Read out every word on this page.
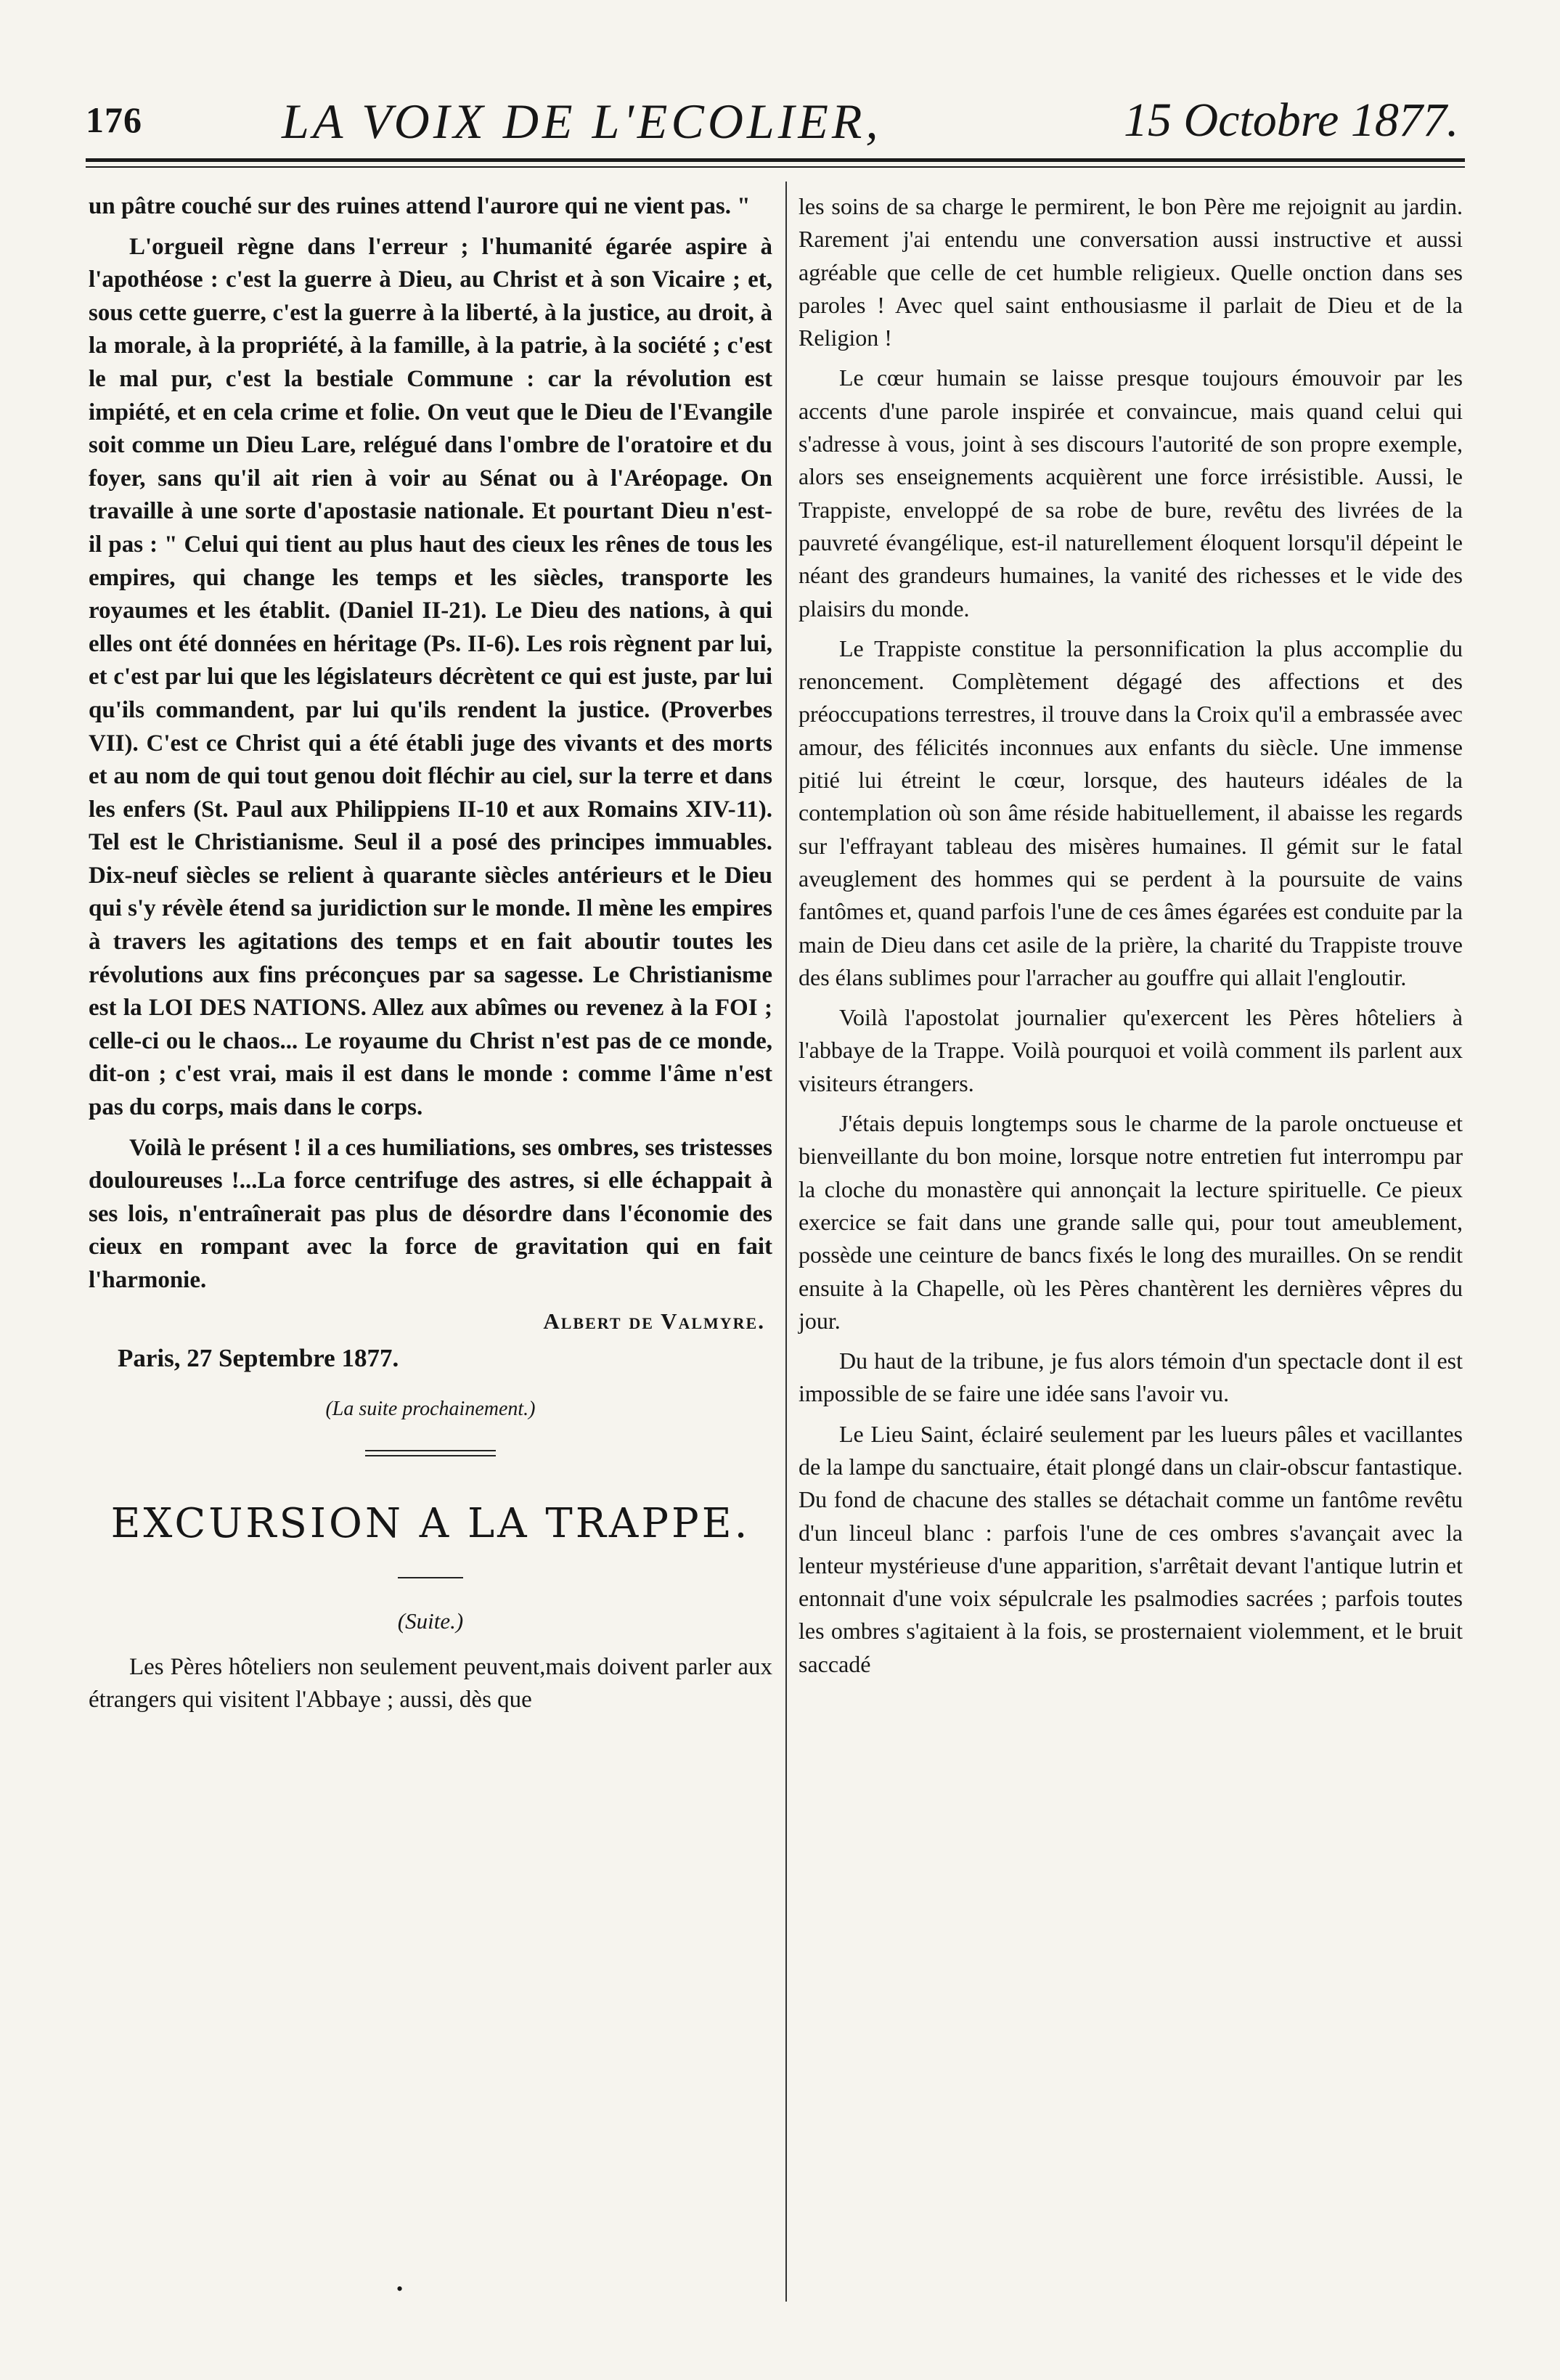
176	LA VOIX DE L'ECOLIER,	15 Octobre 1877.

un pâtre couché sur des ruines attend l'aurore qui ne vient pas. "

L'orgueil règne dans l'erreur ; l'humanité égarée aspire à l'apothéose : c'est la guerre à Dieu, au Christ et à son Vicaire ; et, sous cette guerre, c'est la guerre à la liberté, à la justice, au droit, à la morale, à la propriété, à la famille, à la patrie, à la société ; c'est le mal pur, c'est la bestiale Commune : car la révolution est impiété, et en cela crime et folie. On veut que le Dieu de l'Evangile soit comme un Dieu Lare, relégué dans l'ombre de l'oratoire et du foyer, sans qu'il ait rien à voir au Sénat ou à l'Aréopage. On travaille à une sorte d'apostasie nationale. Et pourtant Dieu n'est-il pas : " Celui qui tient au plus haut des cieux les rênes de tous les empires, qui change les temps et les siècles, transporte les royaumes et les établit. (Daniel II-21). Le Dieu des nations, à qui elles ont été données en héritage (Ps. II-6). Les rois règnent par lui, et c'est par lui que les législateurs décrètent ce qui est juste, par lui qu'ils commandent, par lui qu'ils rendent la justice. (Proverbes VII). C'est ce Christ qui a été établi juge des vivants et des morts et au nom de qui tout genou doit fléchir au ciel, sur la terre et dans les enfers (St. Paul aux Philippiens II-10 et aux Romains XIV-11). Tel est le Christianisme. Seul il a posé des principes immuables. Dix-neuf siècles se relient à quarante siècles antérieurs et le Dieu qui s'y révèle étend sa juridiction sur le monde. Il mène les empires à travers les agitations des temps et en fait aboutir toutes les révolutions aux fins préconçues par sa sagesse. Le Christianisme est la LOI DES NATIONS. Allez aux abîmes ou revenez à la FOI ; celle-ci ou le chaos... Le royaume du Christ n'est pas de ce monde, dit-on ; c'est vrai, mais il est dans le monde : comme l'âme n'est pas du corps, mais dans le corps.

Voilà le présent ! il a ces humiliations, ses ombres, ses tristesses douloureuses !...La force centrifuge des astres, si elle échappait à ses lois, n'entraînerait pas plus de désordre dans l'économie des cieux en rompant avec la force de gravitation qui en fait l'harmonie.

Albert de Valmyre.
Paris, 27 Septembre 1877.
(La suite prochainement.)
EXCURSION A LA TRAPPE.
(Suite.)

Les Pères hôteliers non seulement peuvent,mais doivent parler aux étrangers qui visitent l'Abbaye ; aussi, dès que

les soins de sa charge le permirent, le bon Père me rejoignit au jardin. Rarement j'ai entendu une conversation aussi instructive et aussi agréable que celle de cet humble religieux. Quelle onction dans ses paroles ! Avec quel saint enthousiasme il parlait de Dieu et de la Religion !

Le cœur humain se laisse presque toujours émouvoir par les accents d'une parole inspirée et convaincue, mais quand celui qui s'adresse à vous, joint à ses discours l'autorité de son propre exemple, alors ses enseignements acquièrent une force irrésistible. Aussi, le Trappiste, enveloppé de sa robe de bure, revêtu des livrées de la pauvreté évangélique, est-il naturellement éloquent lorsqu'il dépeint le néant des grandeurs humaines, la vanité des richesses et le vide des plaisirs du monde.

Le Trappiste constitue la personnification la plus accomplie du renoncement. Complètement dégagé des affections et des préoccupations terrestres, il trouve dans la Croix qu'il a embrassée avec amour, des félicités inconnues aux enfants du siècle. Une immense pitié lui étreint le cœur, lorsque, des hauteurs idéales de la contemplation où son âme réside habituellement, il abaisse les regards sur l'effrayant tableau des misères humaines. Il gémit sur le fatal aveuglement des hommes qui se perdent à la poursuite de vains fantômes et, quand parfois l'une de ces âmes égarées est conduite par la main de Dieu dans cet asile de la prière, la charité du Trappiste trouve des élans sublimes pour l'arracher au gouffre qui allait l'engloutir.

Voilà l'apostolat journalier qu'exercent les Pères hôteliers à l'abbaye de la Trappe. Voilà pourquoi et voilà comment ils parlent aux visiteurs étrangers.

J'étais depuis longtemps sous le charme de la parole onctueuse et bienveillante du bon moine, lorsque notre entretien fut interrompu par la cloche du monastère qui annonçait la lecture spirituelle. Ce pieux exercice se fait dans une grande salle qui, pour tout ameublement, possède une ceinture de bancs fixés le long des murailles. On se rendit ensuite à la Chapelle, où les Pères chantèrent les dernières vêpres du jour.

Du haut de la tribune, je fus alors témoin d'un spectacle dont il est impossible de se faire une idée sans l'avoir vu.

Le Lieu Saint, éclairé seulement par les lueurs pâles et vacillantes de la lampe du sanctuaire, était plongé dans un clair-obscur fantastique. Du fond de chacune des stalles se détachait comme un fantôme revêtu d'un linceul blanc : parfois l'une de ces ombres s'avançait avec la lenteur mystérieuse d'une apparition, s'arrêtait devant l'antique lutrin et entonnait d'une voix sépulcrale les psalmodies sacrées ; parfois toutes les ombres s'agitaient à la fois, se prosternaient violemment, et le bruit saccadé

•
